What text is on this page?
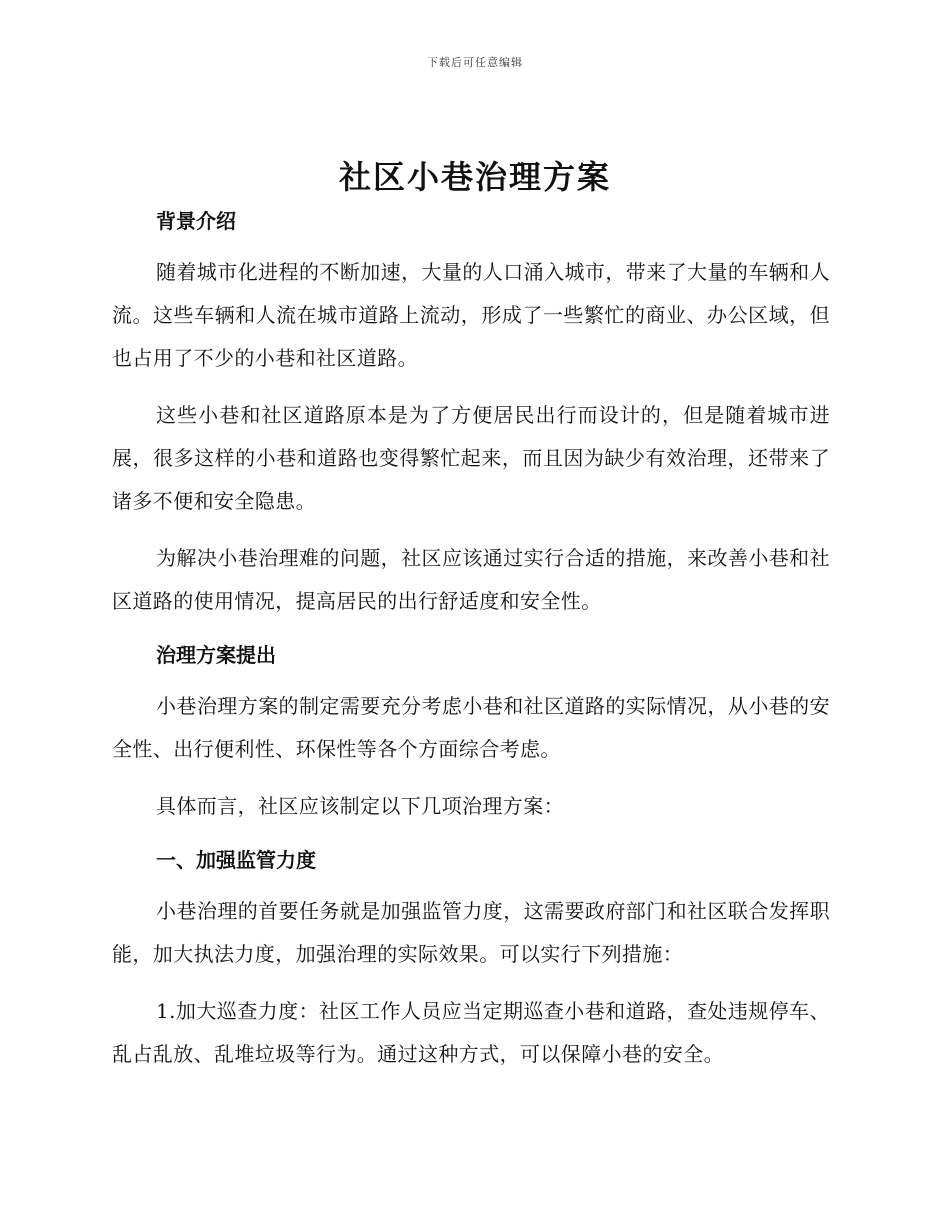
下载后可任意编辑
社区小巷治理方案
背景介绍

随着城市化进程的不断加速，大量的人口涌入城市，带来了大量的车辆和人流。这些车辆和人流在城市道路上流动，形成了一些繁忙的商业、办公区域，但也占用了不少的小巷和社区道路。

这些小巷和社区道路原本是为了方便居民出行而设计的，但是随着城市进展，很多这样的小巷和道路也变得繁忙起来，而且因为缺少有效治理，还带来了诸多不便和安全隐患。

为解决小巷治理难的问题，社区应该通过实行合适的措施，来改善小巷和社区道路的使用情况，提高居民的出行舒适度和安全性。

治理方案提出

小巷治理方案的制定需要充分考虑小巷和社区道路的实际情况，从小巷的安全性、出行便利性、环保性等各个方面综合考虑。

具体而言，社区应该制定以下几项治理方案：

一、加强监管力度

小巷治理的首要任务就是加强监管力度，这需要政府部门和社区联合发挥职能，加大执法力度，加强治理的实际效果。可以实行下列措施：

1.加大巡查力度：社区工作人员应当定期巡查小巷和道路，查处违规停车、乱占乱放、乱堆垃圾等行为。通过这种方式，可以保障小巷的安全。
